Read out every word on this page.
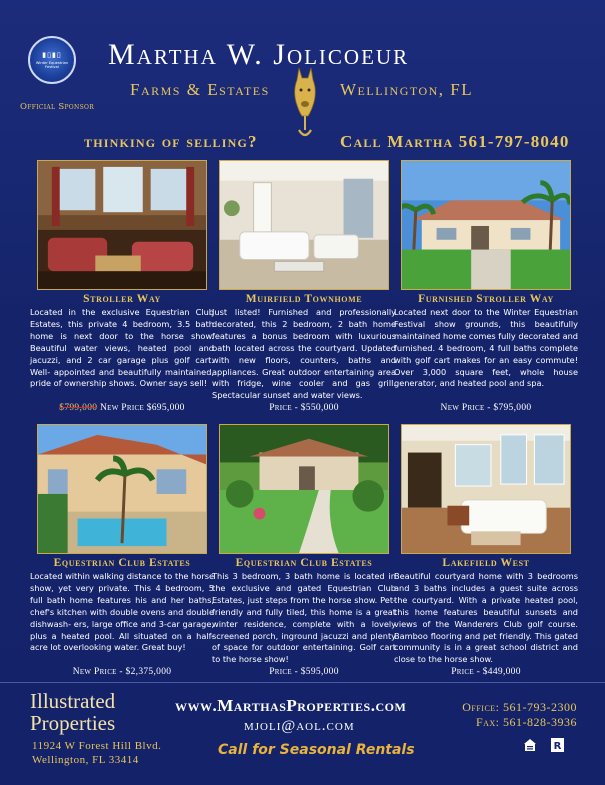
▮▯▮▯
Winter Equestrian Festival
Official Sponsor
Martha W. Jolicoeur
Farms & Estates	Wellington, FL
thinking of selling?	Call Martha 561-797-8040
Stroller Way
Located in the exclusive Equestrian Club Estates, this private 4 bedroom, 3.5 bath home is next door to the horse show. Beautiful water views, heated pool and jacuzzi, and 2 car garage plus golf cart. Well- appointed and beautifully maintained, pride of ownership shows. Owner says sell!
$799,000 New Price $695,000
Muirfield Townhome
Just listed! Furnished and professionally decorated, this 2 bedroom, 2 bath home features a bonus bedroom with luxurious bath located across the courtyard. Updated with new floors, counters, baths and appliances. Great outdoor entertaining area with fridge, wine cooler and gas grill. Spectacular sunset and water views.
Price - $550,000
Furnished Stroller Way
Located next door to the Winter Equestrian Festival show grounds, this beautifully maintained home comes fully decorated and furnished. 4 bedroom, 4 full baths complete with golf cart makes for an easy commute! Over 3,000 square feet, whole house generator, and heated pool and spa.
New Price - $795,000
Equestrian Club Estates
Located within walking distance to the horse show, yet very private. This 4 bedroom, 5 full bath home features his and her baths, chef's kitchen with double ovens and double dishwash- ers, large office and 3-car garage, plus a heated pool. All situated on a half-acre lot overlooking water. Great buy!
New Price - $2,375,000
Equestrian Club Estates
This 3 bedroom, 3 bath home is located in the exclusive and gated Equestrian Club Estates, just steps from the horse show. Pet-friendly and fully tiled, this home is a great winter residence, complete with a lovely screened porch, inground jacuzzi and plenty of space for outdoor entertaining. Golf cart to the horse show!
Price - $595,000
Lakefield West
Beautiful courtyard home with 3 bedrooms and 3 baths includes a guest suite across the courtyard. With a private heated pool, this home features beautiful sunsets and views of the Wanderers Club golf course. Bamboo flooring and pet friendly. This gated community is in a great school district and close to the horse show.
Price - $449,000
Illustrated
Properties
11924 W Forest Hill Blvd.
Wellington, FL 33414
www.MarthasProperties.com
mjoli@aol.com
Call for Seasonal Rentals
Office: 561-793-2300
Fax: 561-828-3936
R
